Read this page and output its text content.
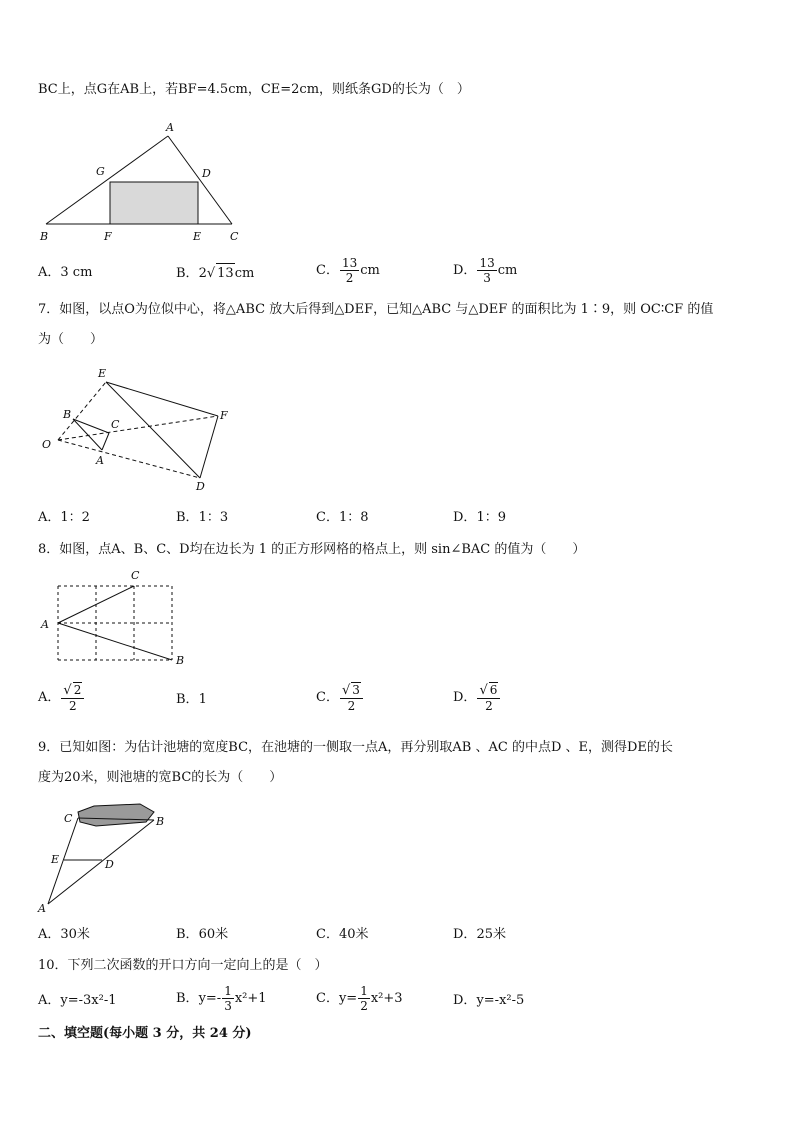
BC上，点G在AB上，若BF=4.5cm，CE=2cm，则纸条GD的长为（　）
A
B	C
D
E
F
G
A．3 cm	B．2√ 13cm	C． $\frac{13}{2}$ cm	D． $\frac{13}{3}$ cm
7．如图，以点O为位似中心，将△ABC 放大后得到△DEF，已知△ABC 与△DEF 的面积比为 1∶9，则 OC∶CF 的值
为（　　）
O
A
B
C
D
E
F
A．1：2	B．1：3	C．1：8	D．1：9
8．如图，点A、B、C、D均在边长为 1 的正方形网格的格点上，则 sin∠BAC 的值为（　　）
A
B
C
A． $\frac{√ 2}{2}$	B．1	C． $\frac{√ 3}{2}$	D． $\frac{√ 6}{2}$
9．已知如图：为估计池塘的宽度BC，在池塘的一侧取一点A，再分别取AB 、AC 的中点D 、E，测得DE的长
度为20米，则池塘的宽BC的长为（　　）
A
B
C
D
E
A．30米	B．60米	C．40米	D．25米
10．下列二次函数的开口方向一定向上的是（　）
A．y=-3x²-1	B．$y=- \frac{1}{3} x^2+1$	C．$y= \frac{1}{2} x^2+3$	D．y=-x²-5
二、填空题(每小题 3 分，共 24 分)
